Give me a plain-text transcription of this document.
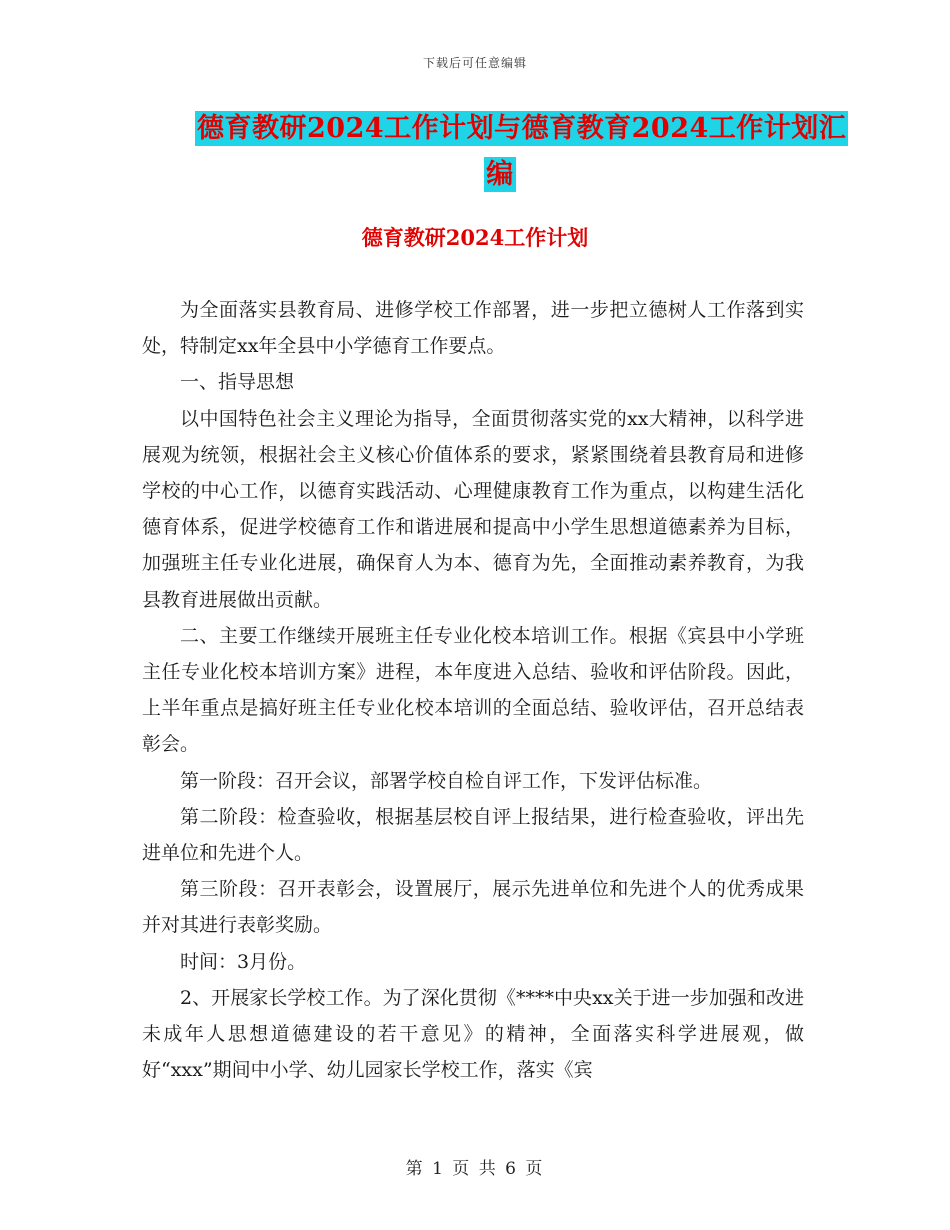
下载后可任意编辑
德育教研2024工作计划与德育教育2024工作计划汇
编
德育教研2024工作计划

为全面落实县教育局、进修学校工作部署，进一步把立德树人工作落到实处，特制定xx年全县中小学德育工作要点。

一、指导思想

以中国特色社会主义理论为指导，全面贯彻落实党的xx大精神，以科学进展观为统领，根据社会主义核心价值体系的要求，紧紧围绕着县教育局和进修学校的中心工作，以德育实践活动、心理健康教育工作为重点，以构建生活化德育体系，促进学校德育工作和谐进展和提高中小学生思想道德素养为目标，加强班主任专业化进展，确保育人为本、德育为先，全面推动素养教育，为我县教育进展做出贡献。

二、主要工作继续开展班主任专业化校本培训工作。根据《宾县中小学班主任专业化校本培训方案》进程，本年度进入总结、验收和评估阶段。因此，上半年重点是搞好班主任专业化校本培训的全面总结、验收评估，召开总结表彰会。

第一阶段：召开会议，部署学校自检自评工作，下发评估标准。

第二阶段：检查验收，根据基层校自评上报结果，进行检查验收，评出先进单位和先进个人。

第三阶段：召开表彰会，设置展厅，展示先进单位和先进个人的优秀成果并对其进行表彰奖励。

时间：3月份。

2、开展家长学校工作。为了深化贯彻《****中央xx关于进一步加强和改进未成年人思想道德建设的若干意见》的精神，全面落实科学进展观，做好“xxx”期间中小学、幼儿园家长学校工作，落实《宾

第 1 页 共 6 页
